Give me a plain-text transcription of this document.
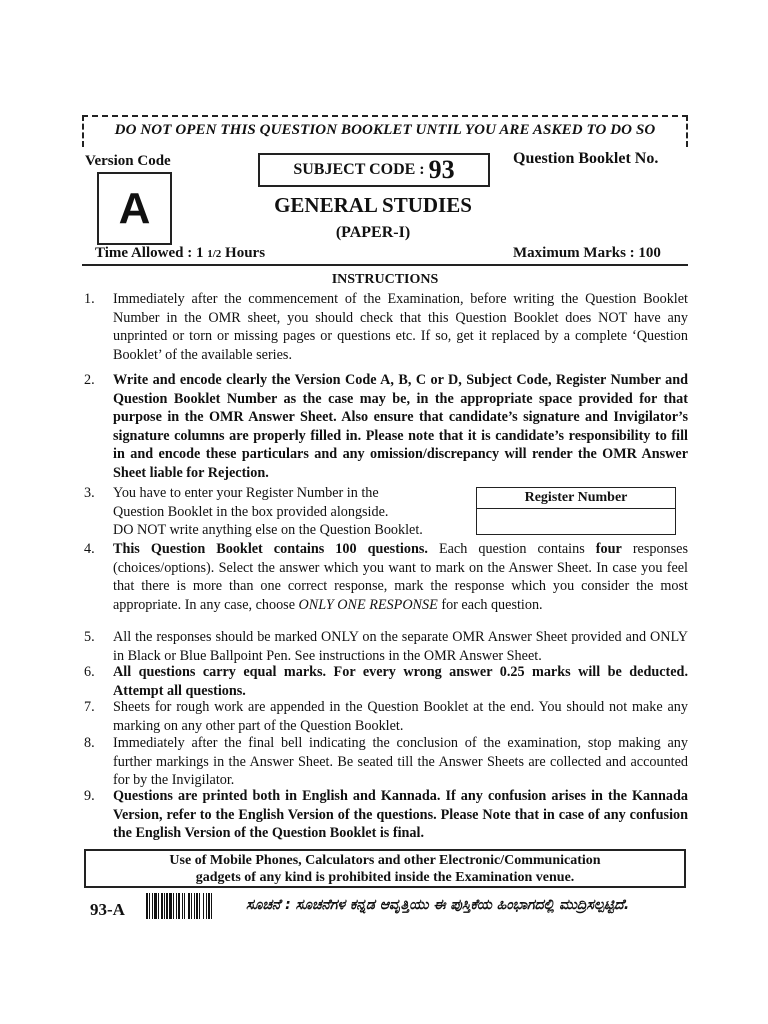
DO NOT OPEN THIS QUESTION BOOKLET UNTIL YOU ARE ASKED TO DO SO
Version Code
A
SUBJECT CODE : 93	Question Booklet No.
GENERAL STUDIES
(PAPER-I)
Time Allowed : 1 1/2 Hours	Maximum Marks : 100
INSTRUCTIONS
1.	Immediately after the commencement of the Examination, before writing the Question Booklet Number in the OMR sheet, you should check that this Question Booklet does NOT have any unprinted or torn or missing pages or questions etc. If so, get it replaced by a complete ‘Question Booklet’ of the available series.
2.	Write and encode clearly the Version Code A, B, C or D, Subject Code, Register Number and Question Booklet Number as the case may be, in the appropriate space provided for that purpose in the OMR Answer Sheet. Also ensure that candidate’s signature and Invigilator’s signature columns are properly filled in. Please note that it is candidate’s responsibility to fill in and encode these particulars and any omission/discrepancy will render the OMR Answer Sheet liable for Rejection.
3.	You have to enter your Register Number in the
Question Booklet in the box provided alongside.
DO NOT write anything else on the Question Booklet.
Register Number
4.	This Question Booklet contains 100 questions. Each question contains four responses (choices/options). Select the answer which you want to mark on the Answer Sheet. In case you feel that there is more than one correct response, mark the response which you consider the most appropriate. In any case, choose ONLY ONE RESPONSE for each question.
5.	All the responses should be marked ONLY on the separate OMR Answer Sheet provided and ONLY in Black or Blue Ballpoint Pen. See instructions in the OMR Answer Sheet.
6.	All questions carry equal marks. For every wrong answer 0.25 marks will be deducted. Attempt all questions.
7.	Sheets for rough work are appended in the Question Booklet at the end. You should not make any marking on any other part of the Question Booklet.
8.	Immediately after the final bell indicating the conclusion of the examination, stop making any further markings in the Answer Sheet. Be seated till the Answer Sheets are collected and accounted for by the Invigilator.
9.	Questions are printed both in English and Kannada. If any confusion arises in the Kannada Version, refer to the English Version of the questions. Please Note that in case of any confusion the English Version of the Question Booklet is final.
Use of Mobile Phones, Calculators and other Electronic/Communication
gadgets of any kind is prohibited inside the Examination venue.
93-A	ಸೂಚನೆ : ಸೂಚನೆಗಳ ಕನ್ನಡ ಆವೃತ್ತಿಯು ಈ ಪುಸ್ತಿಕೆಯ ಹಿಂಭಾಗದಲ್ಲಿ ಮುದ್ರಿಸಲ್ಪಟ್ಟಿದೆ.
